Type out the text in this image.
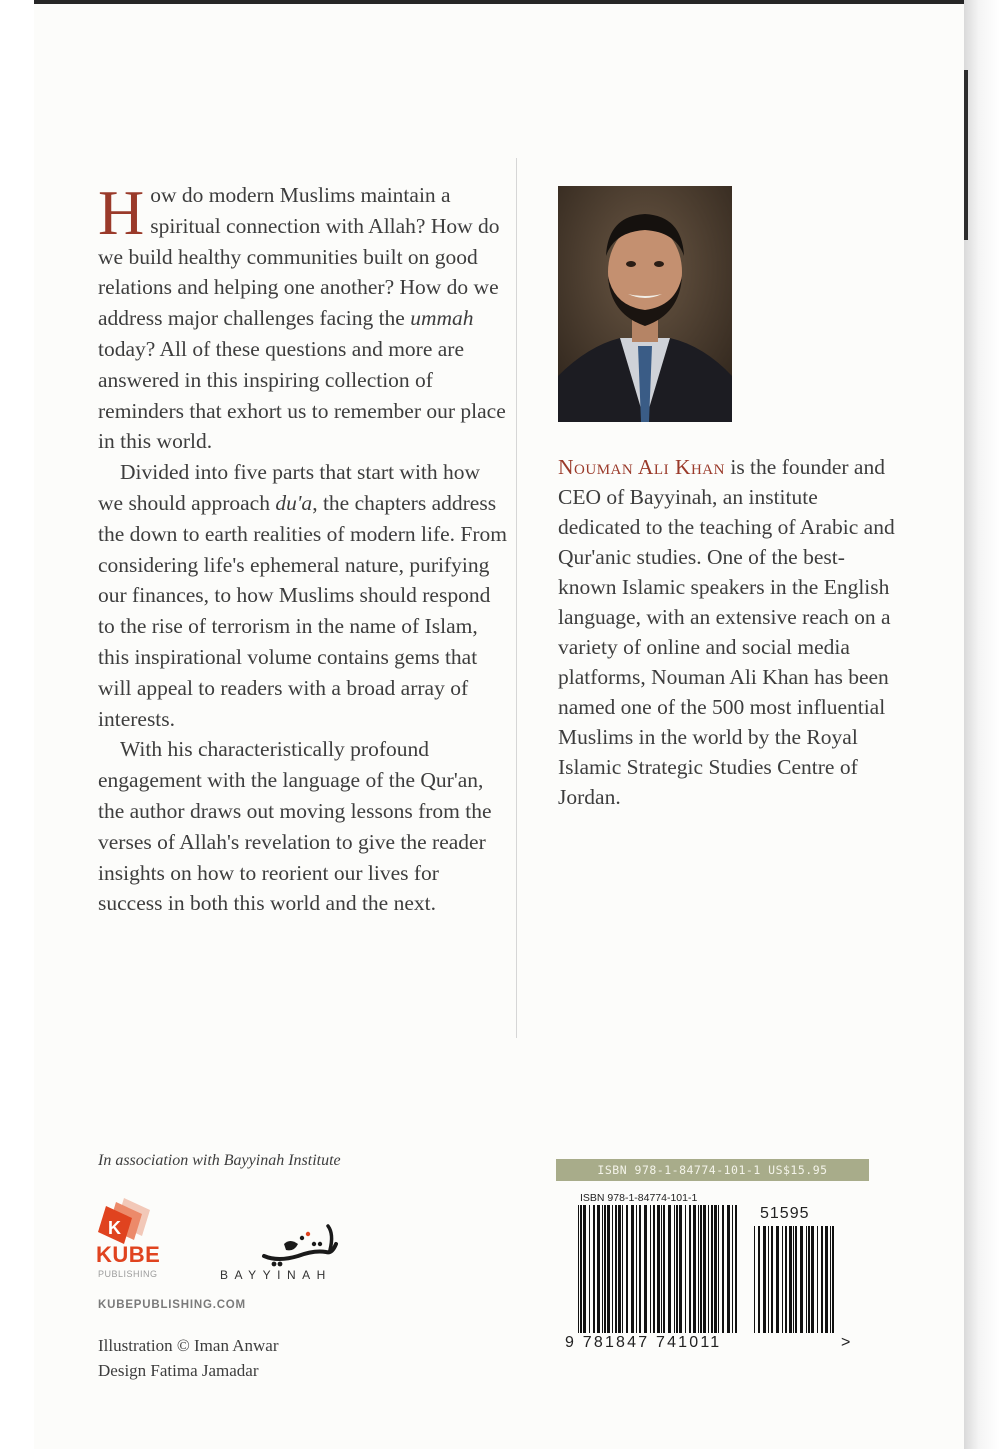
How do modern Muslims maintain a spiritual connection with Allah? How do we build healthy communities built on good relations and helping one another? How do we address major challenges facing the ummah today? All of these questions and more are answered in this inspiring collection of reminders that exhort us to remember our place in this world.

Divided into five parts that start with how we should approach du'a, the chapters address the down to earth realities of modern life. From considering life's ephemeral nature, purifying our finances, to how Muslims should respond to the rise of terrorism in the name of Islam, this inspirational volume contains gems that will appeal to readers with a broad array of interests.

With his characteristically profound engagement with the language of the Qur'an, the author draws out moving lessons from the verses of Allah's revelation to give the reader insights on how to reorient our lives for success in both this world and the next.

Nouman Ali Khan is the founder and CEO of Bayyinah, an institute dedicated to the teaching of Arabic and Qur'anic studies. One of the best-known Islamic speakers in the English language, with an extensive reach on a variety of online and social media platforms, Nouman Ali Khan has been named one of the 500 most influential Muslims in the world by the Royal Islamic Strategic Studies Centre of Jordan.
In association with Bayyinah Institute
K
KUBE
PUBLISHING	BAYYINAH
KUBEPUBLISHING.COM
Illustration © Iman Anwar
Design Fatima Jamadar
ISBN 978-1-84774-101-1 US$15.95
ISBN 978-1-84774-101-1
51595
9 781847 741011	>
